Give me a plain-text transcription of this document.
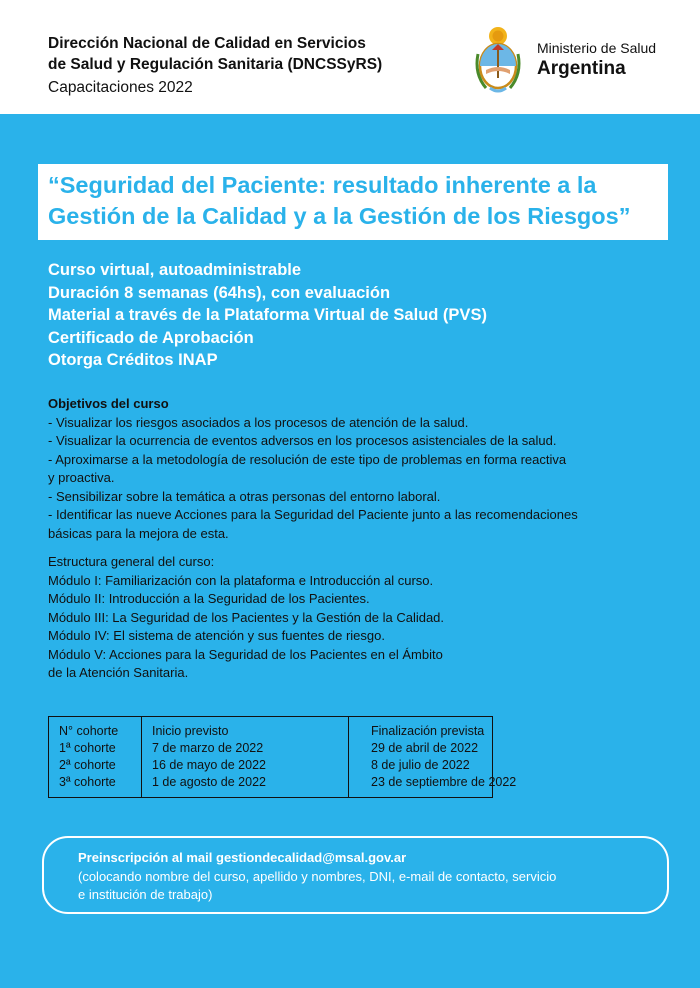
Dirección Nacional de Calidad en Servicios
de Salud y Regulación Sanitaria (DNCSSyRS)
Capacitaciones 2022
Ministerio de Salud
Argentina
“Seguridad del Paciente: resultado inherente a la
Gestión de la Calidad y a la Gestión de los Riesgos”
Curso virtual, autoadministrable
Duración 8 semanas (64hs), con evaluación
Material a través de la Plataforma Virtual de Salud (PVS)
Certificado de Aprobación
Otorga Créditos INAP
Objetivos del curso
- Visualizar los riesgos asociados a los procesos de atención de la salud.
- Visualizar la ocurrencia de eventos adversos en los procesos asistenciales de la salud.
- Aproximarse a la metodología de resolución de este tipo de problemas en forma reactiva
y proactiva.
- Sensibilizar sobre la temática a otras personas del entorno laboral.
- Identificar las nueve Acciones para la Seguridad del Paciente junto a las recomendaciones
básicas para la mejora de esta.
Estructura general del curso:
Módulo I: Familiarización con la plataforma e Introducción al curso.
Módulo II: Introducción a la Seguridad de los Pacientes.
Módulo III: La Seguridad de los Pacientes y la Gestión de la Calidad.
Módulo IV: El sistema de atención y sus fuentes de riesgo.
Módulo V: Acciones para la Seguridad de los Pacientes en el Ámbito
de la Atención Sanitaria.
N° cohorte
1ª cohorte
2ª cohorte
3ª cohorte
Inicio previsto
7 de marzo de 2022
16 de mayo de 2022
1 de agosto de 2022
Finalización prevista
29 de abril de 2022
8 de julio de 2022
23 de septiembre de 2022
Preinscripción al mail gestiondecalidad@msal.gov.ar
(colocando nombre del curso, apellido y nombres, DNI, e-mail de contacto, servicio
e institución de trabajo)
